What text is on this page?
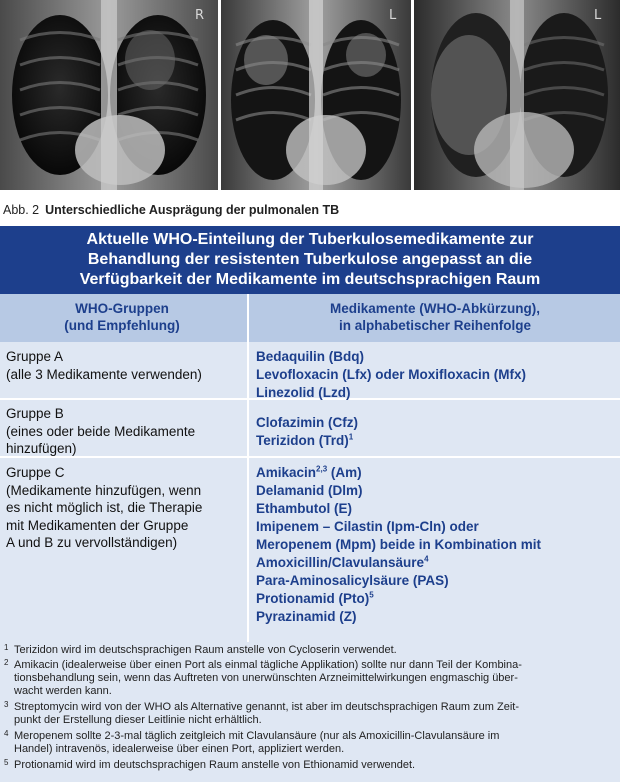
R	L	L
Abb. 2 Unterschiedliche Ausprägung der pulmonalen TB
Aktuelle WHO-Einteilung der Tuberkulosemedikamente zur
Behandlung der resistenten Tuberkulose angepasst an die
Verfügbarkeit der Medikamente im deutschsprachigen Raum
WHO-Gruppen
(und Empfehlung)
Medikamente (WHO-Abkürzung),
in alphabetischer Reihenfolge
Gruppe A
(alle 3 Medikamente verwenden)
Bedaquilin (Bdq)
Levofloxacin (Lfx) oder Moxifloxacin (Mfx)
Linezolid (Lzd)
Gruppe B
(eines oder beide Medikamente
hinzufügen)
Clofazimin (Cfz)
Terizidon (Trd)$^1$
Gruppe C
(Medikamente hinzufügen, wenn
es nicht möglich ist, die Therapie
mit Medikamenten der Gruppe
A und B zu vervollständigen)
Amikacin$^{2,3}$ (Am)
Delamanid (Dlm)
Ethambutol (E)
Imipenem – Cilastin (Ipm-Cln) oder
Meropenem (Mpm) beide in Kombination mit
Amoxicillin/Clavulansäure$^4$
Para-Aminosalicylsäure (PAS)
Protionamid (Pto)$^5$
Pyrazinamid (Z)
1 Terizidon wird im deutschsprachigen Raum anstelle von Cycloserin verwendet.
2 Amikacin (idealerweise über einen Port als einmal tägliche Applikation) sollte nur dann Teil der Kombina-
tionsbehandlung sein, wenn das Auftreten von unerwünschten Arzneimittelwirkungen engmaschig über-
wacht werden kann.
3 Streptomycin wird von der WHO als Alternative genannt, ist aber im deutschsprachigen Raum zum Zeit-
punkt der Erstellung dieser Leitlinie nicht erhältlich.
4 Meropenem sollte 2-3-mal täglich zeitgleich mit Clavulansäure (nur als Amoxicillin-Clavulansäure im
Handel) intravenös, idealerweise über einen Port, appliziert werden.
5 Protionamid wird im deutschsprachigen Raum anstelle von Ethionamid verwendet.
